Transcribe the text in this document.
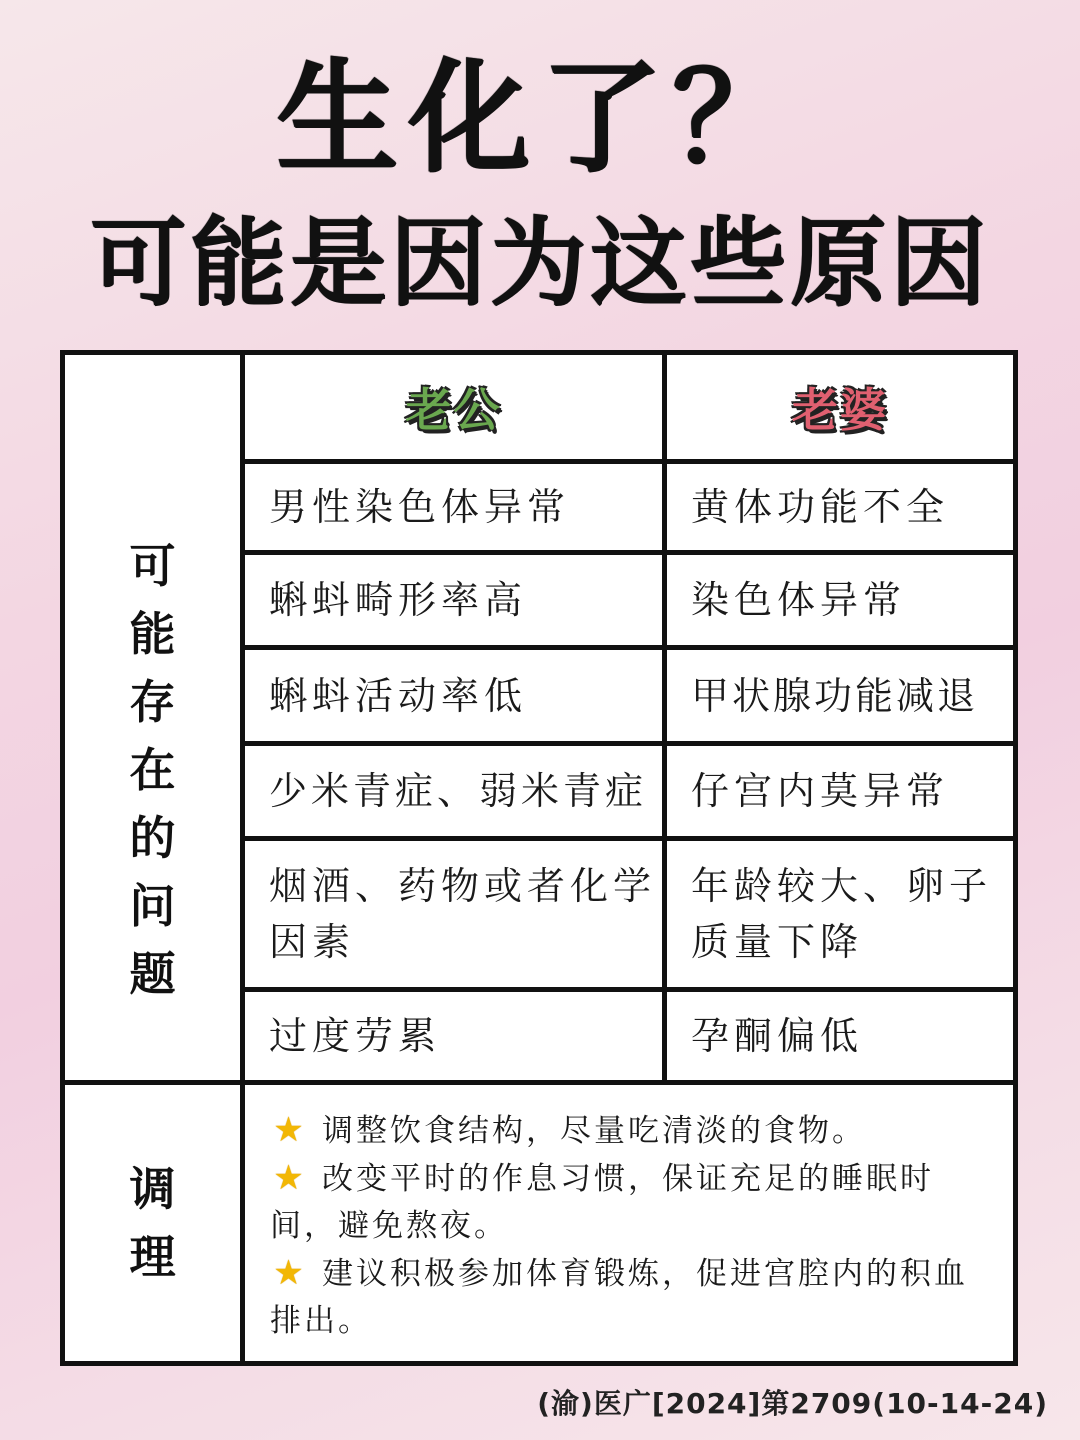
生化了？
可能是因为这些原因
老公	老婆
可
能
存
在
的
问
题
男性染色体异常
蝌蚪畸形率高
蝌蚪活动率低
少米青症、弱米青症
烟酒、药物或者化学因素
过度劳累
黄体功能不全
染色体异常
甲状腺功能减退
仔宫内莫异常
年龄较大、卵子质量下降
孕酮偏低
调
理
★ 调整饮食结构，尽量吃清淡的食物。
★ 改变平时的作息习惯，保证充足的睡眠时间，避免熬夜。
★ 建议积极参加体育锻炼，促进宫腔内的积血排出。
(渝)医广[2024]第2709(10-14-24)
